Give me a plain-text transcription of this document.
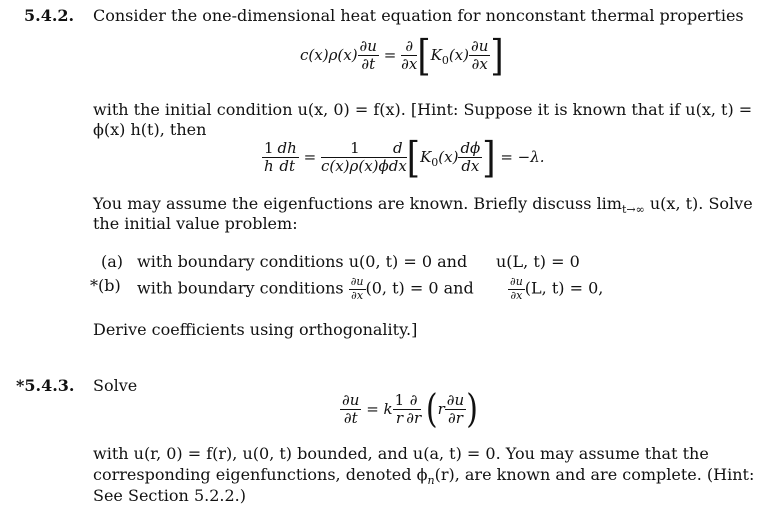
5.4.2. Consider the one-dimensional heat equation for nonconstant thermal properties
$c(x)\rho(x) \frac{\partial u}{\partial t} = \frac{\partial}{\partial x} [K_0(x) \frac{\partial u}{\partial x}$ ]
with the initial condition u(x, 0) = f(x). [Hint: Suppose it is known that if u(x, t) =
ϕ(x) h(t), then
$\frac{1}{h} \frac{dh}{dt} = \frac{1}{c(x)\rho(x)\phi} \frac{d}{dx} [K_0(x) \frac{d\phi}{dx}$ ] = −λ.
You may assume the eigenfuctions are known. Briefly discuss $\lim_{t\to\infty} u(x$, t). Solve
the initial value problem:
(a) with boundary conditions u(0, t) = 0 and u(L, t) = 0
*(b) with boundary conditions $\frac{\partial u}{\partial x} (0$, t) = 0 and	$\frac{\partial u}{\partial x} (L$, t) = 0,
Derive coefficients using orthogonality.]
*5.4.3. Solve
$\frac{\partial u}{\partial t} = k \frac{1}{r} \frac{\partial}{\partial r} (r \frac{\partial u}{\partial r}$ )
with u(r, 0) = f(r), u(0, t) bounded, and u(a, t) = 0. You may assume that the
corresponding eigenfunctions, denoted $\phi_n(r)$, are known and are complete. (Hint:
See Section 5.2.2.)
